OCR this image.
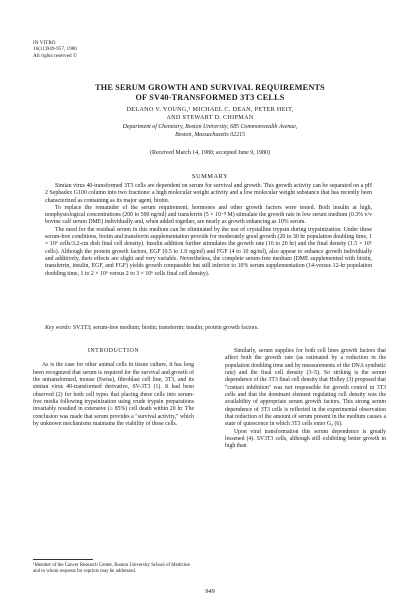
IN VITRO
16(11)949-957, 1980
All rights reserved ©
THE SERUM GROWTH AND SURVIVAL REQUIREMENTS
OF SV40-TRANSFORMED 3T3 CELLS
DELANO V. YOUNG,¹ MICHAEL C. DEAN, PETER HEIT,
AND STEWART D. CHIPMAN
Department of Chemistry, Boston University, 685 Commonwealth Avenue,
Boston, Massachusetts 02215
(Received March 14, 1980; accepted June 9, 1980)
SUMMARY

Simian virus 40-transformed 3T3 cells are dependent on serum for survival and growth. This growth activity can be separated on a pH 2 Sephadex G100 column into two fractions: a high molecular weight activity and a low molecular weight substance that has recently been characterized as containing as its major agent, biotin.

To replace the remainder of the serum requirement, hormones and other growth factors were tested. Both insulin at high, nonphysiological concentrations (200 to 500 ng/ml) and transferrin (5 × 10⁻⁸ M) stimulate the growth rate in low serum medium (0.3% v/v bovine calf serum DME) individually and, when added together, are nearly as growth enhancing as 10% serum.

The need for the residual serum in this medium can be eliminated by the use of crystalline trypsin during trypsinization. Under these serum-free conditions, biotin and transferrin supplementation provide for moderately good growth (20 to 30 hr population doubling time, 1 × 10⁶ cells/3.2-cm dish final cell density). Insulin addition further stimulates the growth rate (16 to 20 hr) and the final density (1.5 × 10⁶ cells). Although the protein growth factors, EGF (0.5 to 1.0 ng/ml) and FGF (4 to 10 ng/ml), also appear to enhance growth individually and additively, their effects are slight and very variable. Nevertheless, the complete serum-free medium (DME supplemented with biotin, transferrin, insulin, EGF, and FGF) yields growth comparable but still inferior to 10% serum supplementation (14-versus 12-hr population doubling time, 1 to 2 × 10⁶ versus 2 to 3 × 10⁶ cells final cell density).

Key words: SV3T3; serum-free medium; biotin; transferrin; insulin; protein growth factors.
INTRODUCTION

As is the case for other animal cells in tissue culture, it has long been recognized that serum is required for the survival and growth of the untransformed, mouse (Swiss), fibroblast cell line, 3T3, and its simian virus 40-transformed derivative, SV-3T3 (1). It had been observed (2) for both cell types that placing these cells into serum-free media following trypsinization using crude trypsin preparations invariably resulted in extensive (≥ 85%) cell death within 20 hr. The conclusion was made that serum provides a "survival activity," which by unknown mechanisms maintains the viability of these cells.

Similarly, serum supplies for both cell lines growth factors that affect both the growth rate (as estimated by a reduction in the population doubling time and by measurements of the DNA synthetic rate) and the final cell density (3–5). So striking is the serum dependence of the 3T3 final cell density that Holley (3) proposed that "contact inhibition" was not responsible for growth control in 3T3 cells and that the dominant element regulating cell density was the availability of appropriate serum growth factors. This strong serum dependence of 3T3 cells is reflected in the experimental observation that reduction of the amount of serum present in the medium causes a state of quiescence in which 3T3 cells enter G₀ (6).

Upon viral transformation this serum dependence is greatly lessened (4). SV3T3 cells, although still exhibiting better growth in high than

¹Member of the Cancer Research Center, Boston University School of Medicine and to whom requests for reprints may be addressed.
949
